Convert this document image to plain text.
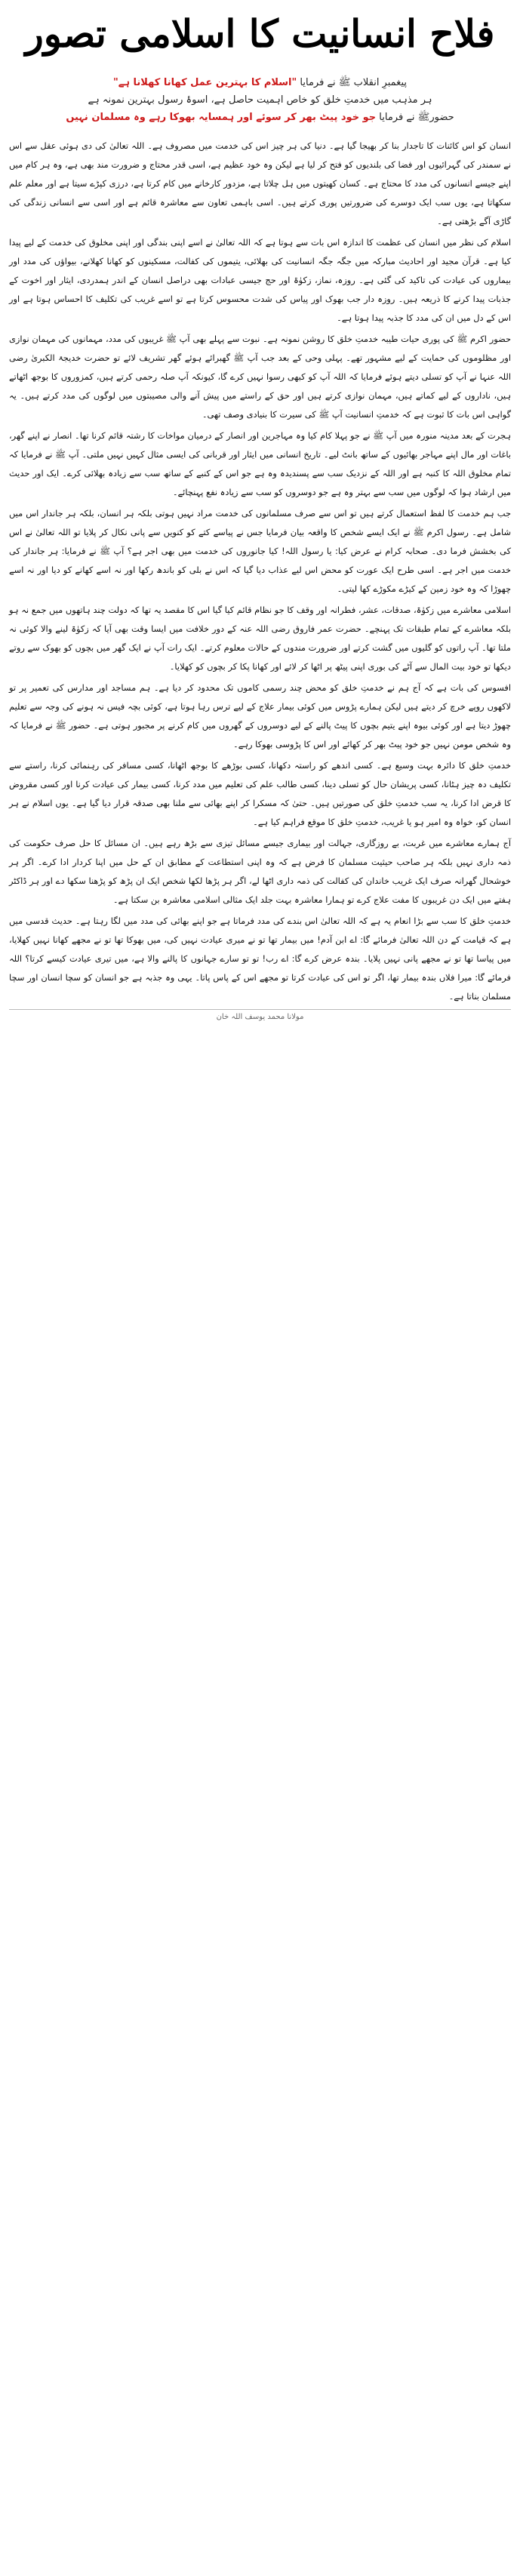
فلاح انسانیت کا اسلامی تصور

پیغمبرِ انقلاب ﷺ نے فرمایا "اسلام کا بہترین عمل کھانا کھلانا ہے"

ہر مذہب میں خدمتِ خلق کو خاص اہمیت حاصل ہے، اسوۂ رسول بہترین نمونہ ہے

حضورﷺ نے فرمایا جو خود پیٹ بھر کر سوئے اور ہمسایہ بھوکا رہے وہ مسلمان نہیں

انسان کو اس کائنات کا تاجدار بنا کر بھیجا گیا ہے۔ دنیا کی ہر چیز اس کی خدمت میں مصروف ہے۔ اللہ تعالیٰ کی دی ہوئی عقل سے اس نے سمندر کی گہرائیوں اور فضا کی بلندیوں کو فتح کر لیا ہے لیکن وہ خود عظیم ہے، اسی قدر محتاج و ضرورت مند بھی ہے، وہ ہر کام میں اپنے جیسے انسانوں کی مدد کا محتاج ہے۔ کسان کھیتوں میں ہل چلاتا ہے، مزدور کارخانے میں کام کرتا ہے، درزی کپڑے سیتا ہے اور معلم علم سکھاتا ہے، یوں سب ایک دوسرے کی ضرورتیں پوری کرتے ہیں۔ اسی باہمی تعاون سے معاشرہ قائم ہے اور اسی سے انسانی زندگی کی گاڑی آگے بڑھتی ہے۔

اسلام کی نظر میں انسان کی عظمت کا اندازہ اس بات سے ہوتا ہے کہ اللہ تعالیٰ نے اسے اپنی بندگی اور اپنی مخلوق کی خدمت کے لیے پیدا کیا ہے۔ قرآن مجید اور احادیث مبارکہ میں جگہ جگہ انسانیت کی بھلائی، یتیموں کی کفالت، مسکینوں کو کھانا کھلانے، بیواؤں کی مدد اور بیماروں کی عیادت کی تاکید کی گئی ہے۔ روزہ، نماز، زکوٰۃ اور حج جیسی عبادات بھی دراصل انسان کے اندر ہمدردی، ایثار اور اخوت کے جذبات پیدا کرنے کا ذریعہ ہیں۔ روزہ دار جب بھوک اور پیاس کی شدت محسوس کرتا ہے تو اسے غریب کی تکلیف کا احساس ہوتا ہے اور اس کے دل میں ان کی مدد کا جذبہ پیدا ہوتا ہے۔

حضور اکرم ﷺ کی پوری حیات طیبہ خدمتِ خلق کا روشن نمونہ ہے۔ نبوت سے پہلے بھی آپ ﷺ غریبوں کی مدد، مہمانوں کی مہمان نوازی اور مظلوموں کی حمایت کے لیے مشہور تھے۔ پہلی وحی کے بعد جب آپ ﷺ گھبرائے ہوئے گھر تشریف لائے تو حضرت خدیجۃ الکبریٰ رضی اللہ عنہا نے آپ کو تسلی دیتے ہوئے فرمایا کہ اللہ آپ کو کبھی رسوا نہیں کرے گا، کیونکہ آپ صلہ رحمی کرتے ہیں، کمزوروں کا بوجھ اٹھاتے ہیں، ناداروں کے لیے کماتے ہیں، مہمان نوازی کرتے ہیں اور حق کے راستے میں پیش آنے والی مصیبتوں میں لوگوں کی مدد کرتے ہیں۔ یہ گواہی اس بات کا ثبوت ہے کہ خدمتِ انسانیت آپ ﷺ کی سیرت کا بنیادی وصف تھی۔

ہجرت کے بعد مدینہ منورہ میں آپ ﷺ نے جو پہلا کام کیا وہ مہاجرین اور انصار کے درمیان مواخات کا رشتہ قائم کرنا تھا۔ انصار نے اپنے گھر، باغات اور مال اپنے مہاجر بھائیوں کے ساتھ بانٹ لیے۔ تاریخ انسانی میں ایثار اور قربانی کی ایسی مثال کہیں نہیں ملتی۔ آپ ﷺ نے فرمایا کہ تمام مخلوق اللہ کا کنبہ ہے اور اللہ کے نزدیک سب سے پسندیدہ وہ ہے جو اس کے کنبے کے ساتھ سب سے زیادہ بھلائی کرے۔ ایک اور حدیث میں ارشاد ہوا کہ لوگوں میں سب سے بہتر وہ ہے جو دوسروں کو سب سے زیادہ نفع پہنچائے۔

جب ہم خدمت کا لفظ استعمال کرتے ہیں تو اس سے صرف مسلمانوں کی خدمت مراد نہیں ہوتی بلکہ ہر انسان، بلکہ ہر جاندار اس میں شامل ہے۔ رسول اکرم ﷺ نے ایک ایسے شخص کا واقعہ بیان فرمایا جس نے پیاسے کتے کو کنویں سے پانی نکال کر پلایا تو اللہ تعالیٰ نے اس کی بخشش فرما دی۔ صحابہ کرام نے عرض کیا: یا رسول اللہ! کیا جانوروں کی خدمت میں بھی اجر ہے؟ آپ ﷺ نے فرمایا: ہر جاندار کی خدمت میں اجر ہے۔ اسی طرح ایک عورت کو محض اس لیے عذاب دیا گیا کہ اس نے بلی کو باندھ رکھا اور نہ اسے کھانے کو دیا اور نہ اسے چھوڑا کہ وہ خود زمین کے کیڑے مکوڑے کھا لیتی۔

اسلامی معاشرے میں زکوٰۃ، صدقات، عشر، فطرانہ اور وقف کا جو نظام قائم کیا گیا اس کا مقصد یہ تھا کہ دولت چند ہاتھوں میں جمع نہ ہو بلکہ معاشرے کے تمام طبقات تک پہنچے۔ حضرت عمر فاروق رضی اللہ عنہ کے دور خلافت میں ایسا وقت بھی آیا کہ زکوٰۃ لینے والا کوئی نہ ملتا تھا۔ آپ راتوں کو گلیوں میں گشت کرتے اور ضرورت مندوں کے حالات معلوم کرتے۔ ایک رات آپ نے ایک گھر میں بچوں کو بھوک سے روتے دیکھا تو خود بیت المال سے آٹے کی بوری اپنی پیٹھ پر اٹھا کر لائے اور کھانا پکا کر بچوں کو کھلایا۔

افسوس کی بات ہے کہ آج ہم نے خدمتِ خلق کو محض چند رسمی کاموں تک محدود کر دیا ہے۔ ہم مساجد اور مدارس کی تعمیر پر تو لاکھوں روپے خرچ کر دیتے ہیں لیکن ہمارے پڑوس میں کوئی بیمار علاج کے لیے ترس رہا ہوتا ہے، کوئی بچہ فیس نہ ہونے کی وجہ سے تعلیم چھوڑ دیتا ہے اور کوئی بیوہ اپنے یتیم بچوں کا پیٹ پالنے کے لیے دوسروں کے گھروں میں کام کرنے پر مجبور ہوتی ہے۔ حضور ﷺ نے فرمایا کہ وہ شخص مومن نہیں جو خود پیٹ بھر کر کھائے اور اس کا پڑوسی بھوکا رہے۔

خدمتِ خلق کا دائرہ بہت وسیع ہے۔ کسی اندھے کو راستہ دکھانا، کسی بوڑھے کا بوجھ اٹھانا، کسی مسافر کی رہنمائی کرنا، راستے سے تکلیف دہ چیز ہٹانا، کسی پریشان حال کو تسلی دینا، کسی طالب علم کی تعلیم میں مدد کرنا، کسی بیمار کی عیادت کرنا اور کسی مقروض کا قرض ادا کرنا، یہ سب خدمتِ خلق کی صورتیں ہیں۔ حتیٰ کہ مسکرا کر اپنے بھائی سے ملنا بھی صدقہ قرار دیا گیا ہے۔ یوں اسلام نے ہر انسان کو، خواہ وہ امیر ہو یا غریب، خدمتِ خلق کا موقع فراہم کیا ہے۔

آج ہمارے معاشرے میں غربت، بے روزگاری، جہالت اور بیماری جیسے مسائل تیزی سے بڑھ رہے ہیں۔ ان مسائل کا حل صرف حکومت کی ذمہ داری نہیں بلکہ ہر صاحب حیثیت مسلمان کا فرض ہے کہ وہ اپنی استطاعت کے مطابق ان کے حل میں اپنا کردار ادا کرے۔ اگر ہر خوشحال گھرانہ صرف ایک غریب خاندان کی کفالت کی ذمہ داری اٹھا لے، اگر ہر پڑھا لکھا شخص ایک ان پڑھ کو پڑھنا سکھا دے اور ہر ڈاکٹر ہفتے میں ایک دن غریبوں کا مفت علاج کرے تو ہمارا معاشرہ بہت جلد ایک مثالی اسلامی معاشرہ بن سکتا ہے۔

خدمتِ خلق کا سب سے بڑا انعام یہ ہے کہ اللہ تعالیٰ اس بندے کی مدد فرماتا ہے جو اپنے بھائی کی مدد میں لگا رہتا ہے۔ حدیث قدسی میں ہے کہ قیامت کے دن اللہ تعالیٰ فرمائے گا: اے ابن آدم! میں بیمار تھا تو نے میری عیادت نہیں کی، میں بھوکا تھا تو نے مجھے کھانا نہیں کھلایا، میں پیاسا تھا تو نے مجھے پانی نہیں پلایا۔ بندہ عرض کرے گا: اے رب! تو تو سارے جہانوں کا پالنے والا ہے، میں تیری عیادت کیسے کرتا؟ اللہ فرمائے گا: میرا فلاں بندہ بیمار تھا، اگر تو اس کی عیادت کرتا تو مجھے اس کے پاس پاتا۔ یہی وہ جذبہ ہے جو انسان کو سچا انسان اور سچا مسلمان بناتا ہے۔

مولانا محمد یوسف اللہ خان
